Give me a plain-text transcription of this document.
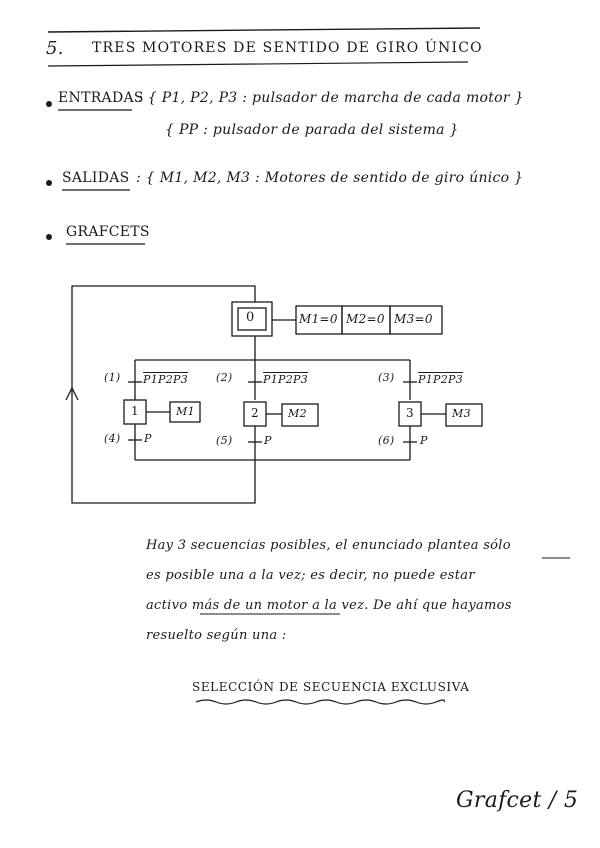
5. TRES MOTORES DE SENTIDO DE GIRO ÚNICO
ENTRADAS
: { P1, P2, P3 : pulsador de marcha de cada motor }
{ PP : pulsador de parada del sistema }
SALIDAS : { M1, M2, M3 : Motores de sentido de giro único }
GRAFCETS
0	M1=0 M2=0 M3=0
(1) P1P2P3
1	M1
(4) P
(2)	P1P2P3
2	M2
(5)	P
(3) P1P2P3
3	M3
(6) P
Hay 3 secuencias posibles, el enunciado plantea sólo
es posible una a la vez; es decir, no puede estar
activo más de un motor a la vez. De ahí que hayamos
resuelto según una :
SELECCIÓN DE SECUENCIA EXCLUSIVA
Grafcet / 5
